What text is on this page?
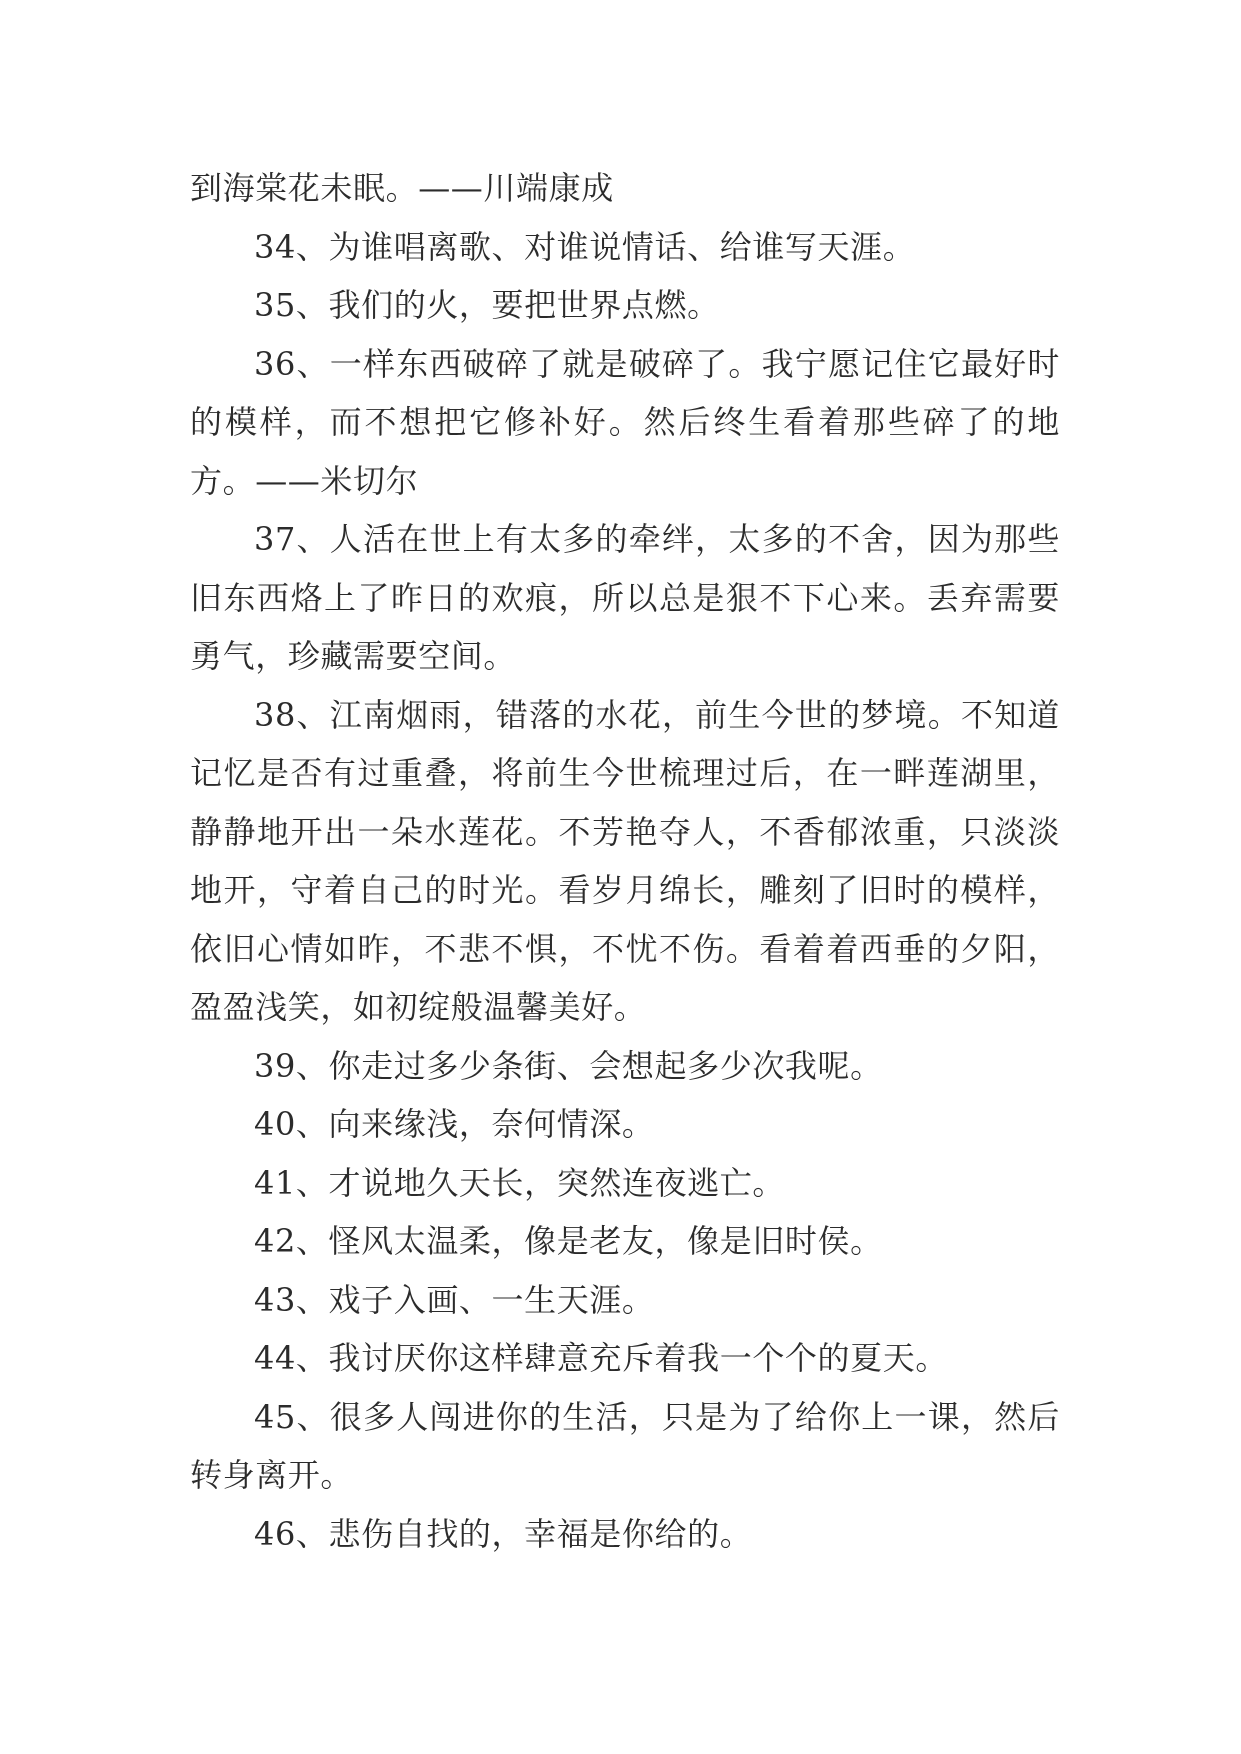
到海棠花未眠。——川端康成

34、为谁唱离歌、对谁说情话、给谁写天涯。

35、我们的火，要把世界点燃。

36、一样东西破碎了就是破碎了。我宁愿记住它最好时的模样，而不想把它修补好。然后终生看着那些碎了的地方。——米切尔

37、人活在世上有太多的牵绊，太多的不舍，因为那些旧东西烙上了昨日的欢痕，所以总是狠不下心来。丢弃需要勇气，珍藏需要空间。

38、江南烟雨，错落的水花，前生今世的梦境。不知道记忆是否有过重叠，将前生今世梳理过后，在一畔莲湖里，静静地开出一朵水莲花。不芳艳夺人，不香郁浓重，只淡淡地开，守着自己的时光。看岁月绵长，雕刻了旧时的模样，依旧心情如昨，不悲不惧，不忧不伤。看着着西垂的夕阳，盈盈浅笑，如初绽般温馨美好。

39、你走过多少条街、会想起多少次我呢。

40、向来缘浅，奈何情深。

41、才说地久天长，突然连夜逃亡。

42、怪风太温柔，像是老友，像是旧时侯。

43、戏子入画、一生天涯。

44、我讨厌你这样肆意充斥着我一个个的夏天。

45、很多人闯进你的生活，只是为了给你上一课，然后转身离开。

46、悲伤自找的，幸福是你给的。
